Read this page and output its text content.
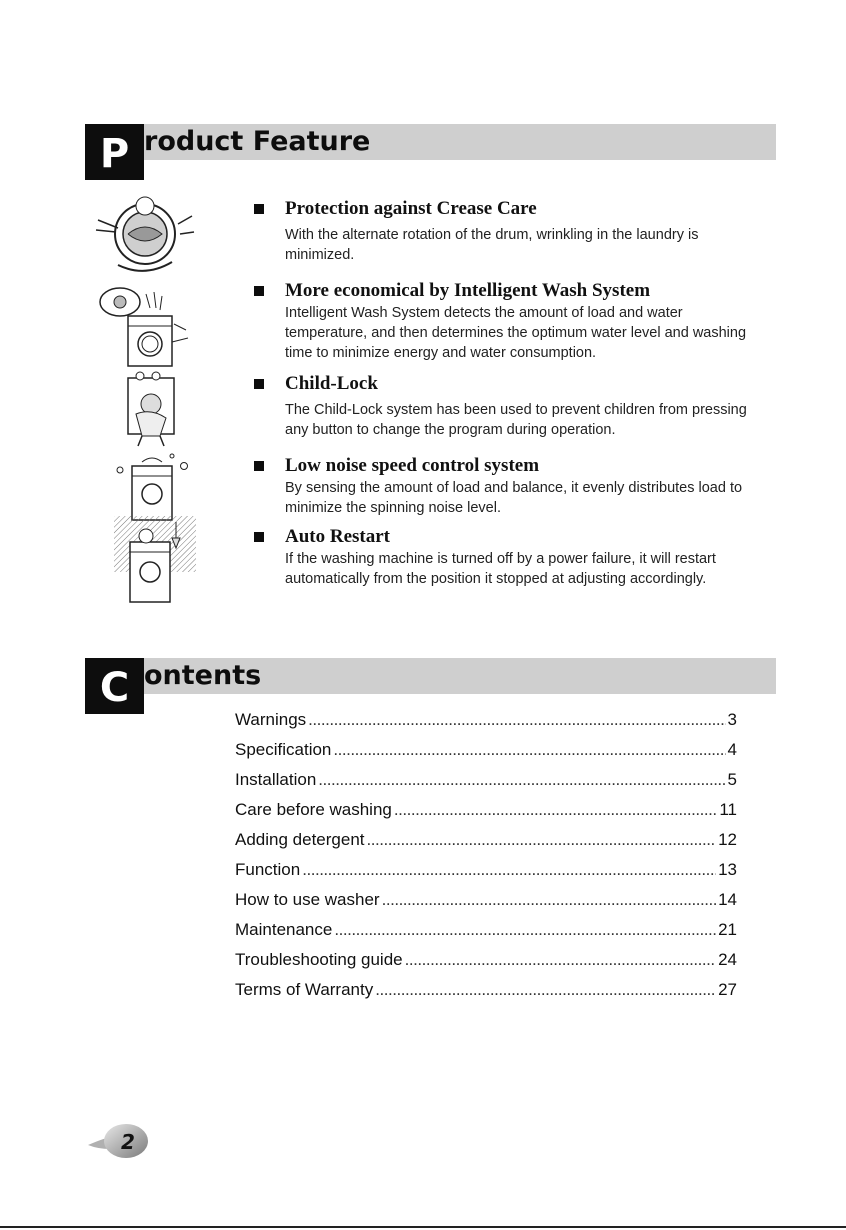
P roduct Feature
Protection against Crease Care
With the alternate rotation of the drum, wrinkling in the laundry is minimized.
More economical by Intelligent Wash System
Intelligent Wash System detects the amount of load and water temperature, and then determines the optimum water level and washing time to minimize energy and water consumption.
Child-Lock
The Child-Lock system has been used to prevent children from pressing any button to change the program during operation.
Low noise speed control system
By sensing the amount of load and balance, it evenly distributes load to minimize the spinning noise level.
Auto Restart
If the washing machine is turned off by a power failure, it will restart automatically from the position it stopped at adjusting accordingly.
C ontents
Warnings . . .	3
Specification . . .	4
Installation . . .	5
Care before washing . . .	11
Adding detergent . . .	12
Function . . .	13
How to use washer . . .	14
Maintenance . . .	21
Troubleshooting guide . . .	24
Terms of Warranty . . .	27
2
